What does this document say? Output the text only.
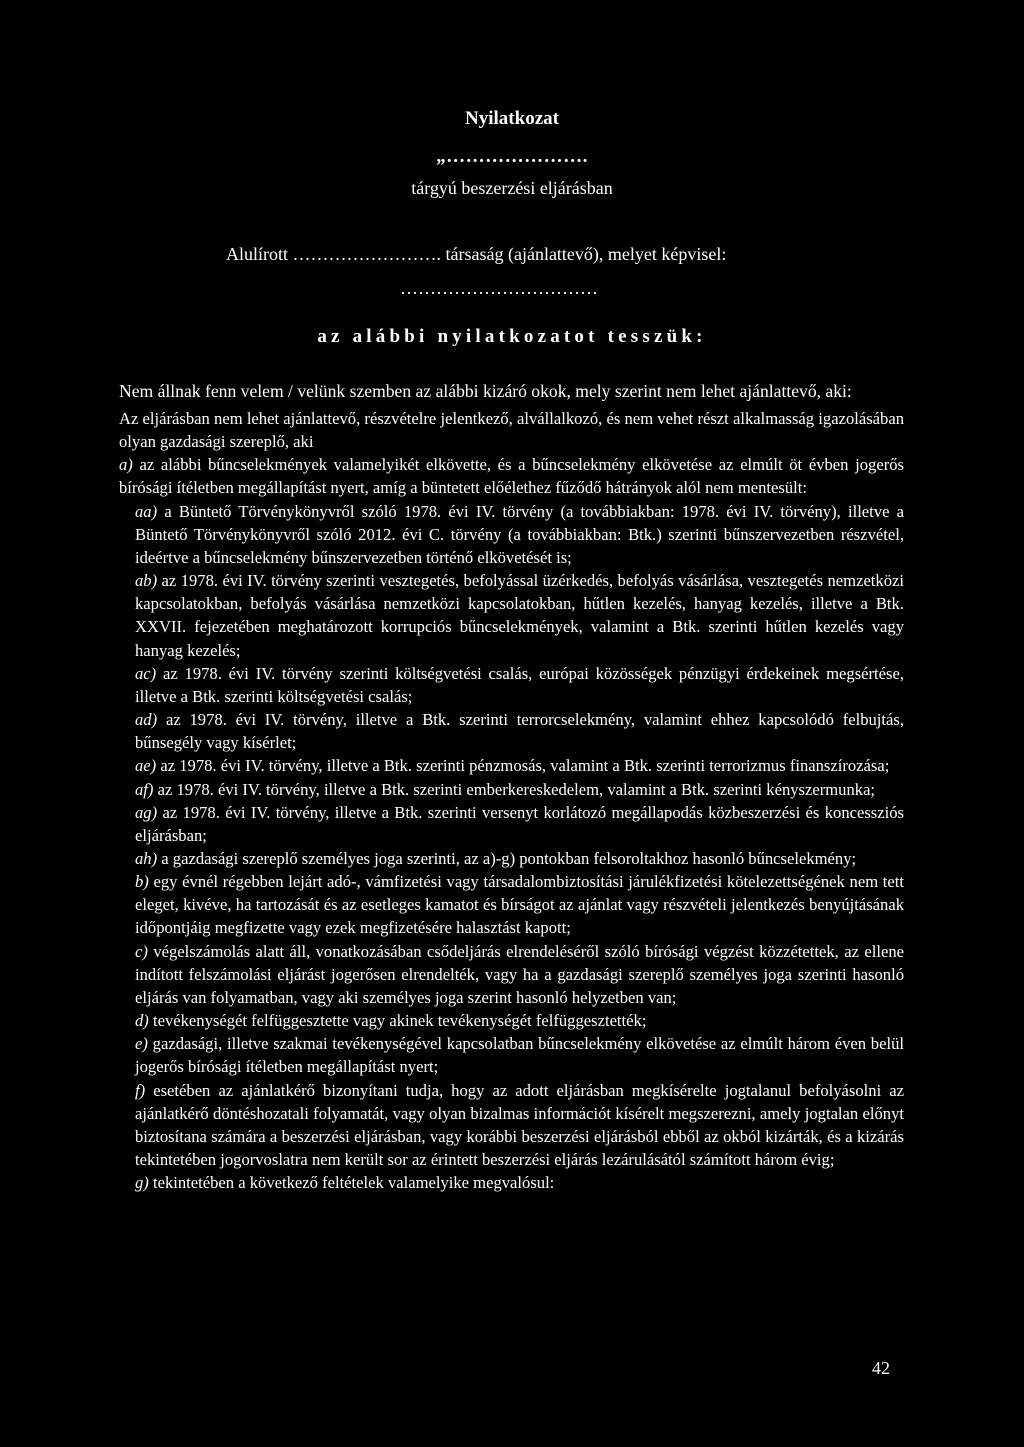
Nyilatkozat
„………………….
tárgyú beszerzési eljárásban
Alulírott ……………………. társaság (ajánlattevő), melyet képvisel:
……………………………
az alábbi nyilatkozatot tesszük:

Nem állnak fenn velem / velünk szemben az alábbi kizáró okok, mely szerint nem lehet ajánlattevő, aki:

Az eljárásban nem lehet ajánlattevő, részvételre jelentkező, alvállalkozó, és nem vehet részt alkalmasság igazolásában olyan gazdasági szereplő, aki

a) az alábbi bűncselekmények valamelyikét elkövette, és a bűncselekmény elkövetése az elmúlt öt évben jogerős bírósági ítéletben megállapítást nyert, amíg a büntetett előélethez fűződő hátrányok alól nem mentesült:

aa) a Büntető Törvénykönyvről szóló 1978. évi IV. törvény (a továbbiakban: 1978. évi IV. törvény), illetve a Büntető Törvénykönyvről szóló 2012. évi C. törvény (a továbbiakban: Btk.) szerinti bűnszervezetben részvétel, ideértve a bűncselekmény bűnszervezetben történő elkövetését is;

ab) az 1978. évi IV. törvény szerinti vesztegetés, befolyással üzérkedés, befolyás vásárlása, vesztegetés nemzetközi kapcsolatokban, befolyás vásárlása nemzetközi kapcsolatokban, hűtlen kezelés, hanyag kezelés, illetve a Btk. XXVII. fejezetében meghatározott korrupciós bűncselekmények, valamint a Btk. szerinti hűtlen kezelés vagy hanyag kezelés;

ac) az 1978. évi IV. törvény szerinti költségvetési csalás, európai közösségek pénzügyi érdekeinek megsértése, illetve a Btk. szerinti költségvetési csalás;

ad) az 1978. évi IV. törvény, illetve a Btk. szerinti terrorcselekmény, valamint ehhez kapcsolódó felbujtás, bűnsegély vagy kísérlet;

ae) az 1978. évi IV. törvény, illetve a Btk. szerinti pénzmosás, valamint a Btk. szerinti terrorizmus finanszírozása;

af) az 1978. évi IV. törvény, illetve a Btk. szerinti emberkereskedelem, valamint a Btk. szerinti kényszermunka;

ag) az 1978. évi IV. törvény, illetve a Btk. szerinti versenyt korlátozó megállapodás közbeszerzési és koncessziós eljárásban;

ah) a gazdasági szereplő személyes joga szerinti, az a)-g) pontokban felsoroltakhoz hasonló bűncselekmény;

b) egy évnél régebben lejárt adó-, vámfizetési vagy társadalombiztosítási járulékfizetési kötelezettségének nem tett eleget, kivéve, ha tartozását és az esetleges kamatot és bírságot az ajánlat vagy részvételi jelentkezés benyújtásának időpontjáig megfizette vagy ezek megfizetésére halasztást kapott;

c) végelszámolás alatt áll, vonatkozásában csődeljárás elrendeléséről szóló bírósági végzést közzétettek, az ellene indított felszámolási eljárást jogerősen elrendelték, vagy ha a gazdasági szereplő személyes joga szerinti hasonló eljárás van folyamatban, vagy aki személyes joga szerint hasonló helyzetben van;

d) tevékenységét felfüggesztette vagy akinek tevékenységét felfüggesztették;

e) gazdasági, illetve szakmai tevékenységével kapcsolatban bűncselekmény elkövetése az elmúlt három éven belül jogerős bírósági ítéletben megállapítást nyert;

f) esetében az ajánlatkérő bizonyítani tudja, hogy az adott eljárásban megkísérelte jogtalanul befolyásolni az ajánlatkérő döntéshozatali folyamatát, vagy olyan bizalmas információt kísérelt megszerezni, amely jogtalan előnyt biztosítana számára a beszerzési eljárásban, vagy korábbi beszerzési eljárásból ebből az okból kizárták, és a kizárás tekintetében jogorvoslatra nem került sor az érintett beszerzési eljárás lezárulásától számított három évig;

g) tekintetében a következő feltételek valamelyike megvalósul:

42
